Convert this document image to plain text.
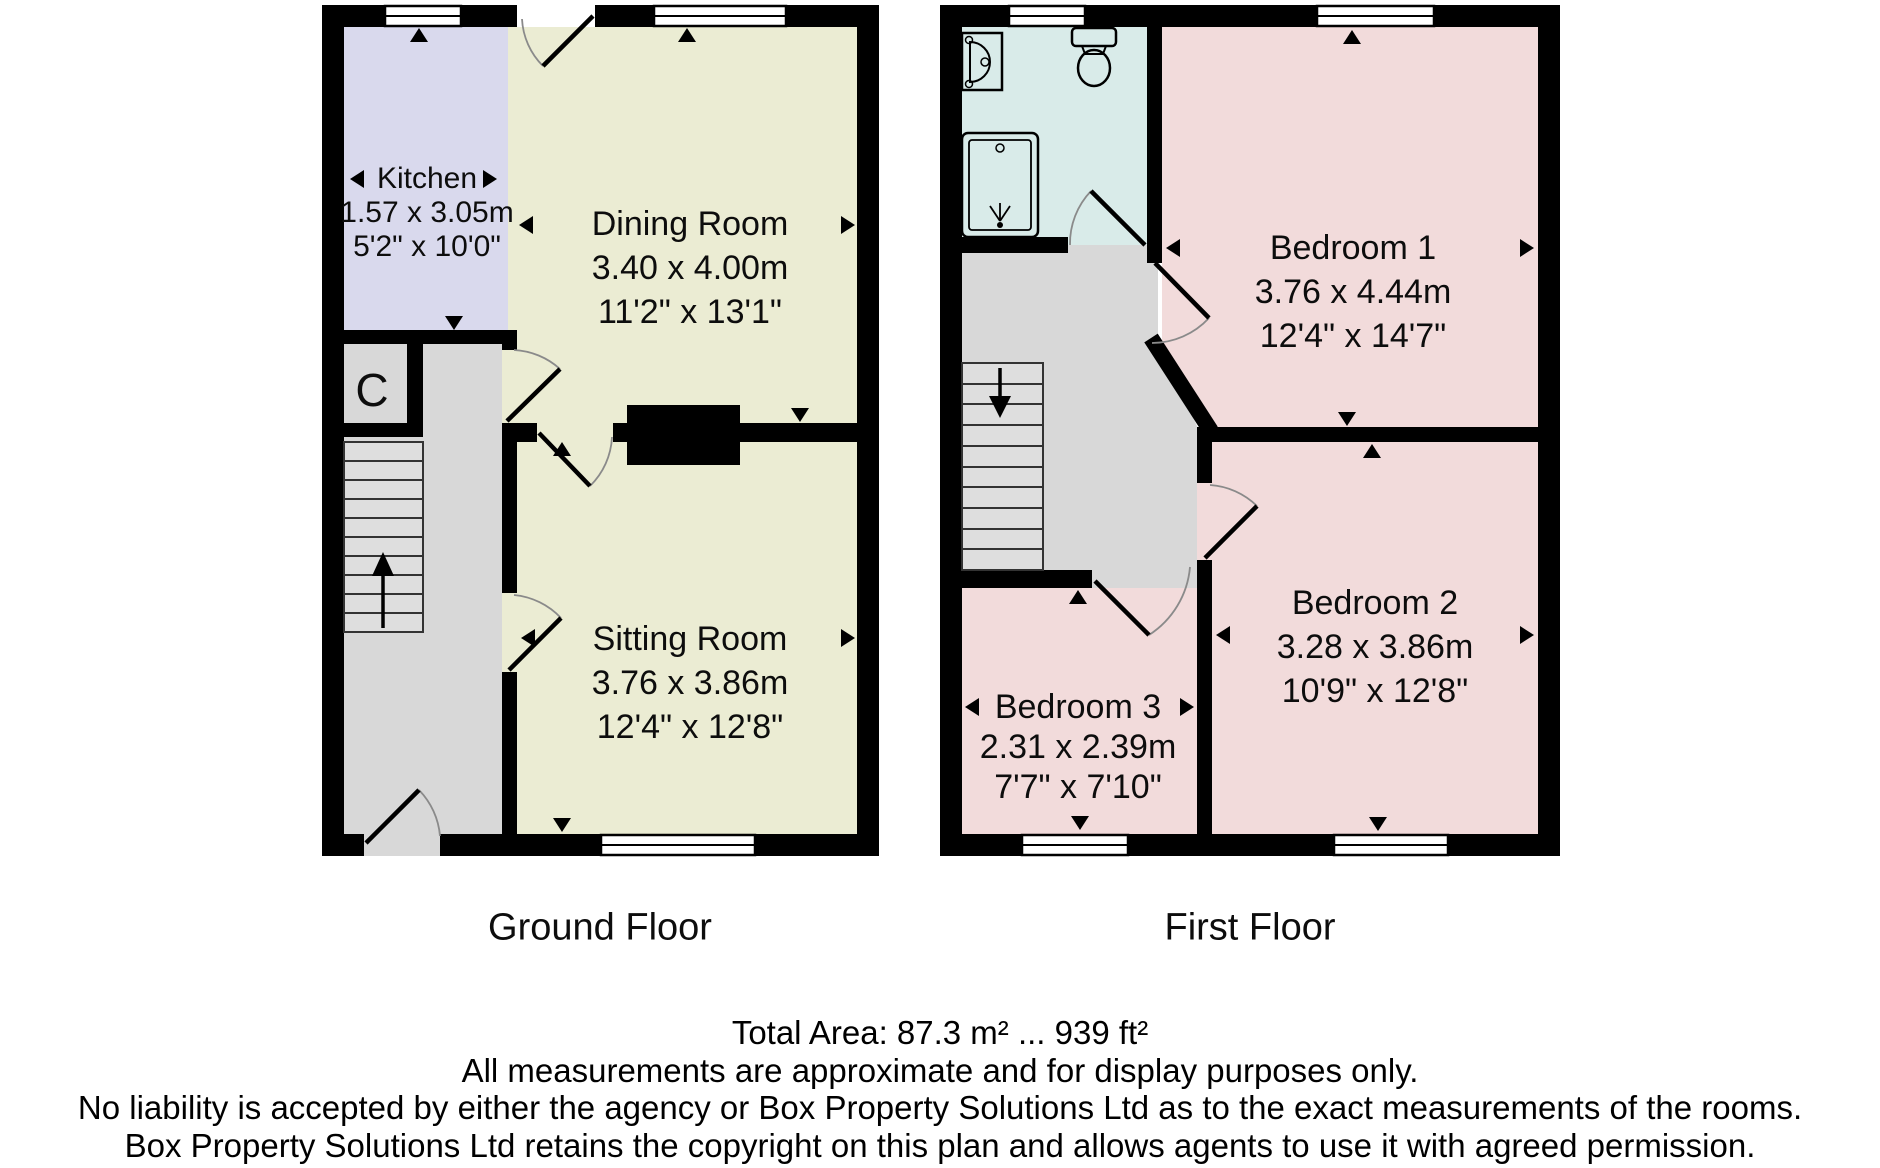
C
Kitchen
1.57 x 3.05m
5'2" x 10'0"
Dining Room
3.40 x 4.00m
11'2" x 13'1"
Sitting Room
3.76 x 3.86m
12'4" x 12'8"
Bedroom 1
3.76 x 4.44m
12'4" x 14'7"
Bedroom 2
3.28 x 3.86m
10'9" x 12'8"
Bedroom 3
2.31 x 2.39m
7'7" x 7'10"
Ground Floor	First Floor
Total Area: 87.3 m² ... 939 ft²
All measurements are approximate and for display purposes only.
No liability is accepted by either the agency or Box Property Solutions Ltd as to the exact measurements of the rooms.
Box Property Solutions Ltd retains the copyright on this plan and allows agents to use it with agreed permission.
